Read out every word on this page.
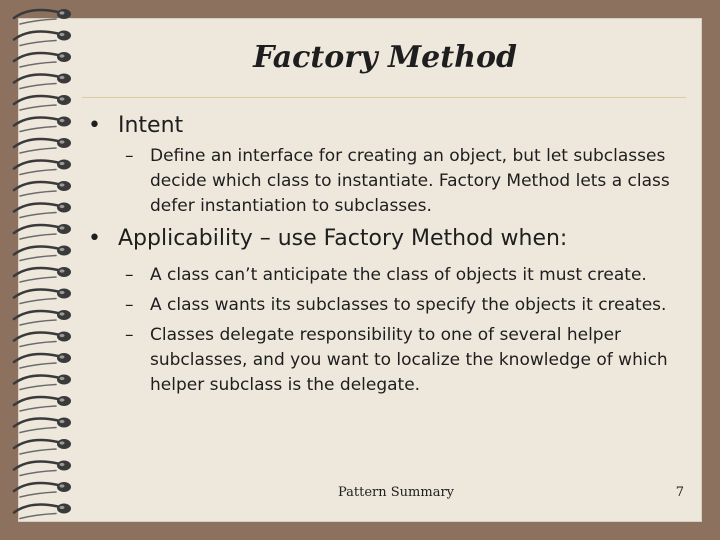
Factory Method
• Intent
– Define an interface for creating an object, but let subclasses decide which class to instantiate. Factory Method lets a class defer instantiation to subclasses.
• Applicability – use Factory Method when:
– A class can’t anticipate the class of objects it must create.
– A class wants its subclasses to specify the objects it creates.
– Classes delegate responsibility to one of several helper subclasses, and you want to localize the knowledge of which helper subclass is the delegate.
Pattern Summary	7
